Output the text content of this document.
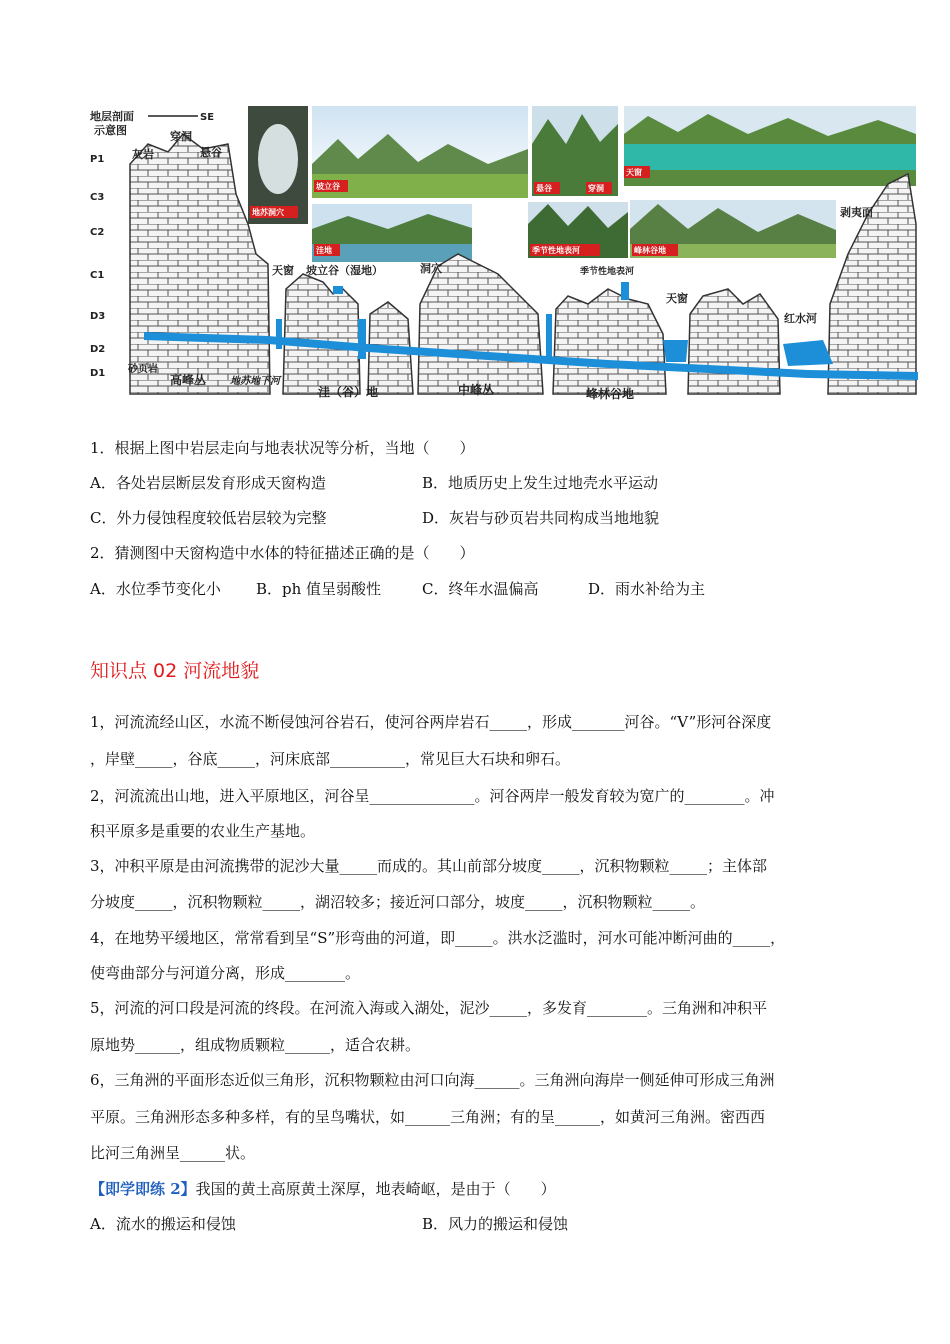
坡立谷
地苏洞穴
洼地
悬谷	穿洞
天窗
季节性地表河	峰林谷地
P1
C3
C2
C1
D3
D2
D1
地层剖面
示意图
SE
灰岩
穿洞
悬谷
天窗 坡立谷（湿地）	洞穴	季节性地表河
天窗
红水河
剥夷面
砂页岩
高峰丛 地苏地下河
洼（谷）地	中峰丛	峰林谷地
1．根据上图中岩层走向与地表状况等分析，当地（　　）
A．各处岩层断层发育形成天窗构造	B．地质历史上发生过地壳水平运动
C．外力侵蚀程度较低岩层较为完整	D．灰岩与砂页岩共同构成当地地貌
2．猜测图中天窗构造中水体的特征描述正确的是（　　）
A．水位季节变化小 B．ph 值呈弱酸性	C．终年水温偏高	D．雨水补给为主
知识点 02 河流地貌
1，河流流经山区，水流不断侵蚀河谷岩石，使河谷两岸岩石_____，形成_______河谷。“V”形河谷深度
，岸壁_____，谷底_____，河床底部__________，常见巨大石块和卵石。
2，河流流出山地，进入平原地区，河谷呈______________。河谷两岸一般发育较为宽广的________。冲
积平原多是重要的农业生产基地。
3，冲积平原是由河流携带的泥沙大量_____而成的。其山前部分坡度_____，沉积物颗粒_____；主体部
分坡度_____，沉积物颗粒_____，湖沼较多；接近河口部分，坡度_____，沉积物颗粒_____。
4，在地势平缓地区，常常看到呈“S”形弯曲的河道，即_____。洪水泛滥时，河水可能冲断河曲的_____，
使弯曲部分与河道分离，形成________。
5，河流的河口段是河流的终段。在河流入海或入湖处，泥沙_____，多发育________。三角洲和冲积平
原地势______，组成物质颗粒______，适合农耕。
6，三角洲的平面形态近似三角形，沉积物颗粒由河口向海______。三角洲向海岸一侧延伸可形成三角洲
平原。三角洲形态多种多样，有的呈鸟嘴状，如______三角洲；有的呈______，如黄河三角洲。密西西
比河三角洲呈______状。
【即学即练 2】我国的黄土高原黄土深厚，地表崎岖，是由于（　　）
A．流水的搬运和侵蚀	B．风力的搬运和侵蚀
